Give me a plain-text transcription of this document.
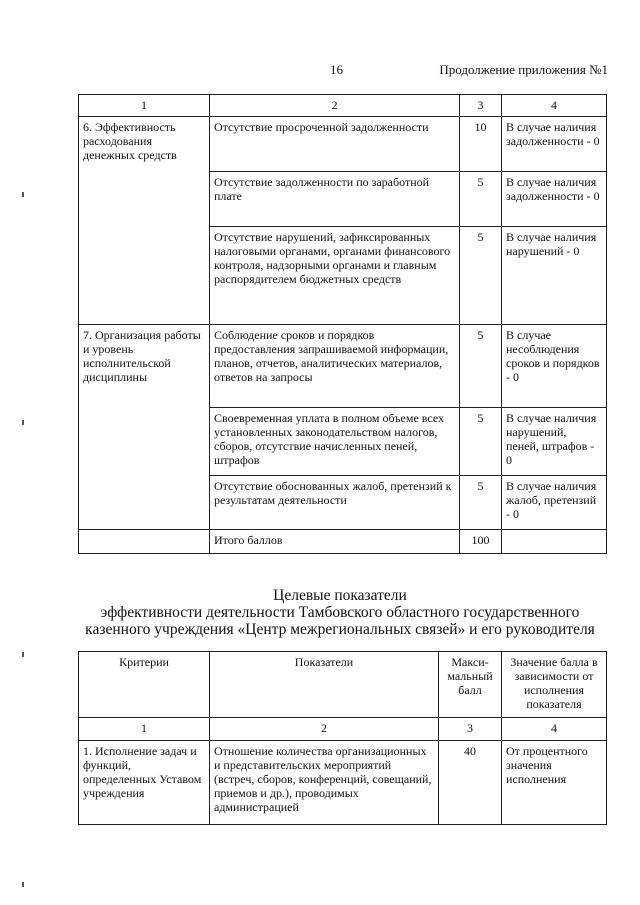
16	Продолжение приложения №1
1	2	3	4
6. Эффективность расходования денежных средств	Отсутствие просроченной задолженности	10	В случае наличия задолженности - 0
	Отсутствие задолженности по заработной плате	5	В случае наличия задолженности - 0
	Отсутствие нарушений, зафиксированных налоговыми органами, органами финансового контроля, надзорными органами и главным распорядителем бюджетных средств	5	В случае наличия нарушений - 0
7. Организация работы и уровень исполнительской дисциплины	Соблюдение сроков и порядков предоставления запрашиваемой информации, планов, отчетов, аналитических материалов, ответов на запросы	5	В случае несоблюдения сроков и порядков - 0
	Своевременная уплата в полном объеме всех установленных законодательством налогов, сборов, отсутствие начисленных пеней, штрафов	5	В случае наличия нарушений, пеней, штрафов - 0
	Отсутствие обоснованных жалоб, претензий к результатам деятельности	5	В случае наличия жалоб, претензий - 0
	Итого баллов	100	
Целевые показатели
эффективности деятельности Тамбовского областного государственного
казенного учреждения «Центр межрегиональных связей» и его руководителя
Критерии	Показатели	Макси-мальный балл	Значение балла в зависимости от исполнения показателя
1	2	3	4
1. Исполнение задач и функций, определенных Уставом учреждения	Отношение количества организационных и представительских мероприятий (встреч, сборов, конференций, совещаний, приемов и др.), проводимых администрацией	40	От процентного значения исполнения
